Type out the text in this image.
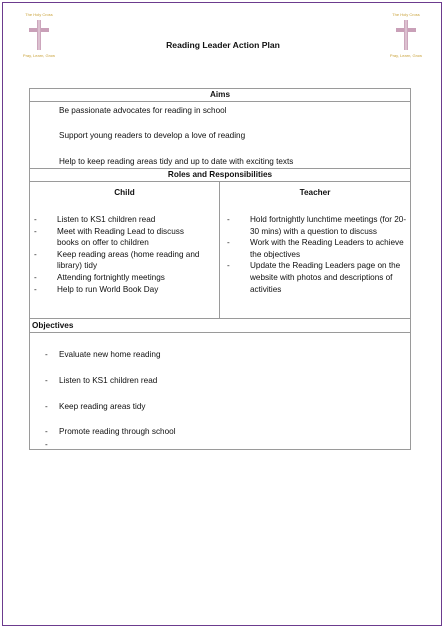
The Holy Cross
Pray, Learn, Grow
The Holy Cross
Pray, Learn, Grow
Reading Leader Action Plan
Aims
Be passionate advocates for reading in school
Support young readers to develop a love of reading
Help to keep reading areas tidy and up to date with exciting texts
Roles and Responsibilities
Child	Teacher
- Listen to KS1 children read
- Meet with Reading Lead to discuss books on offer to children
- Keep reading areas (home reading and library) tidy
- Attending fortnightly meetings
- Help to run World Book Day
- Hold fortnightly lunchtime meetings (for 20-30 mins) with a question to discuss
- Work with the Reading Leaders to achieve the objectives
- Update the Reading Leaders page on the website with photos and descriptions of activities
Objectives
- Evaluate new home reading
- Listen to KS1 children read
- Keep reading areas tidy
- Promote reading through school
-
